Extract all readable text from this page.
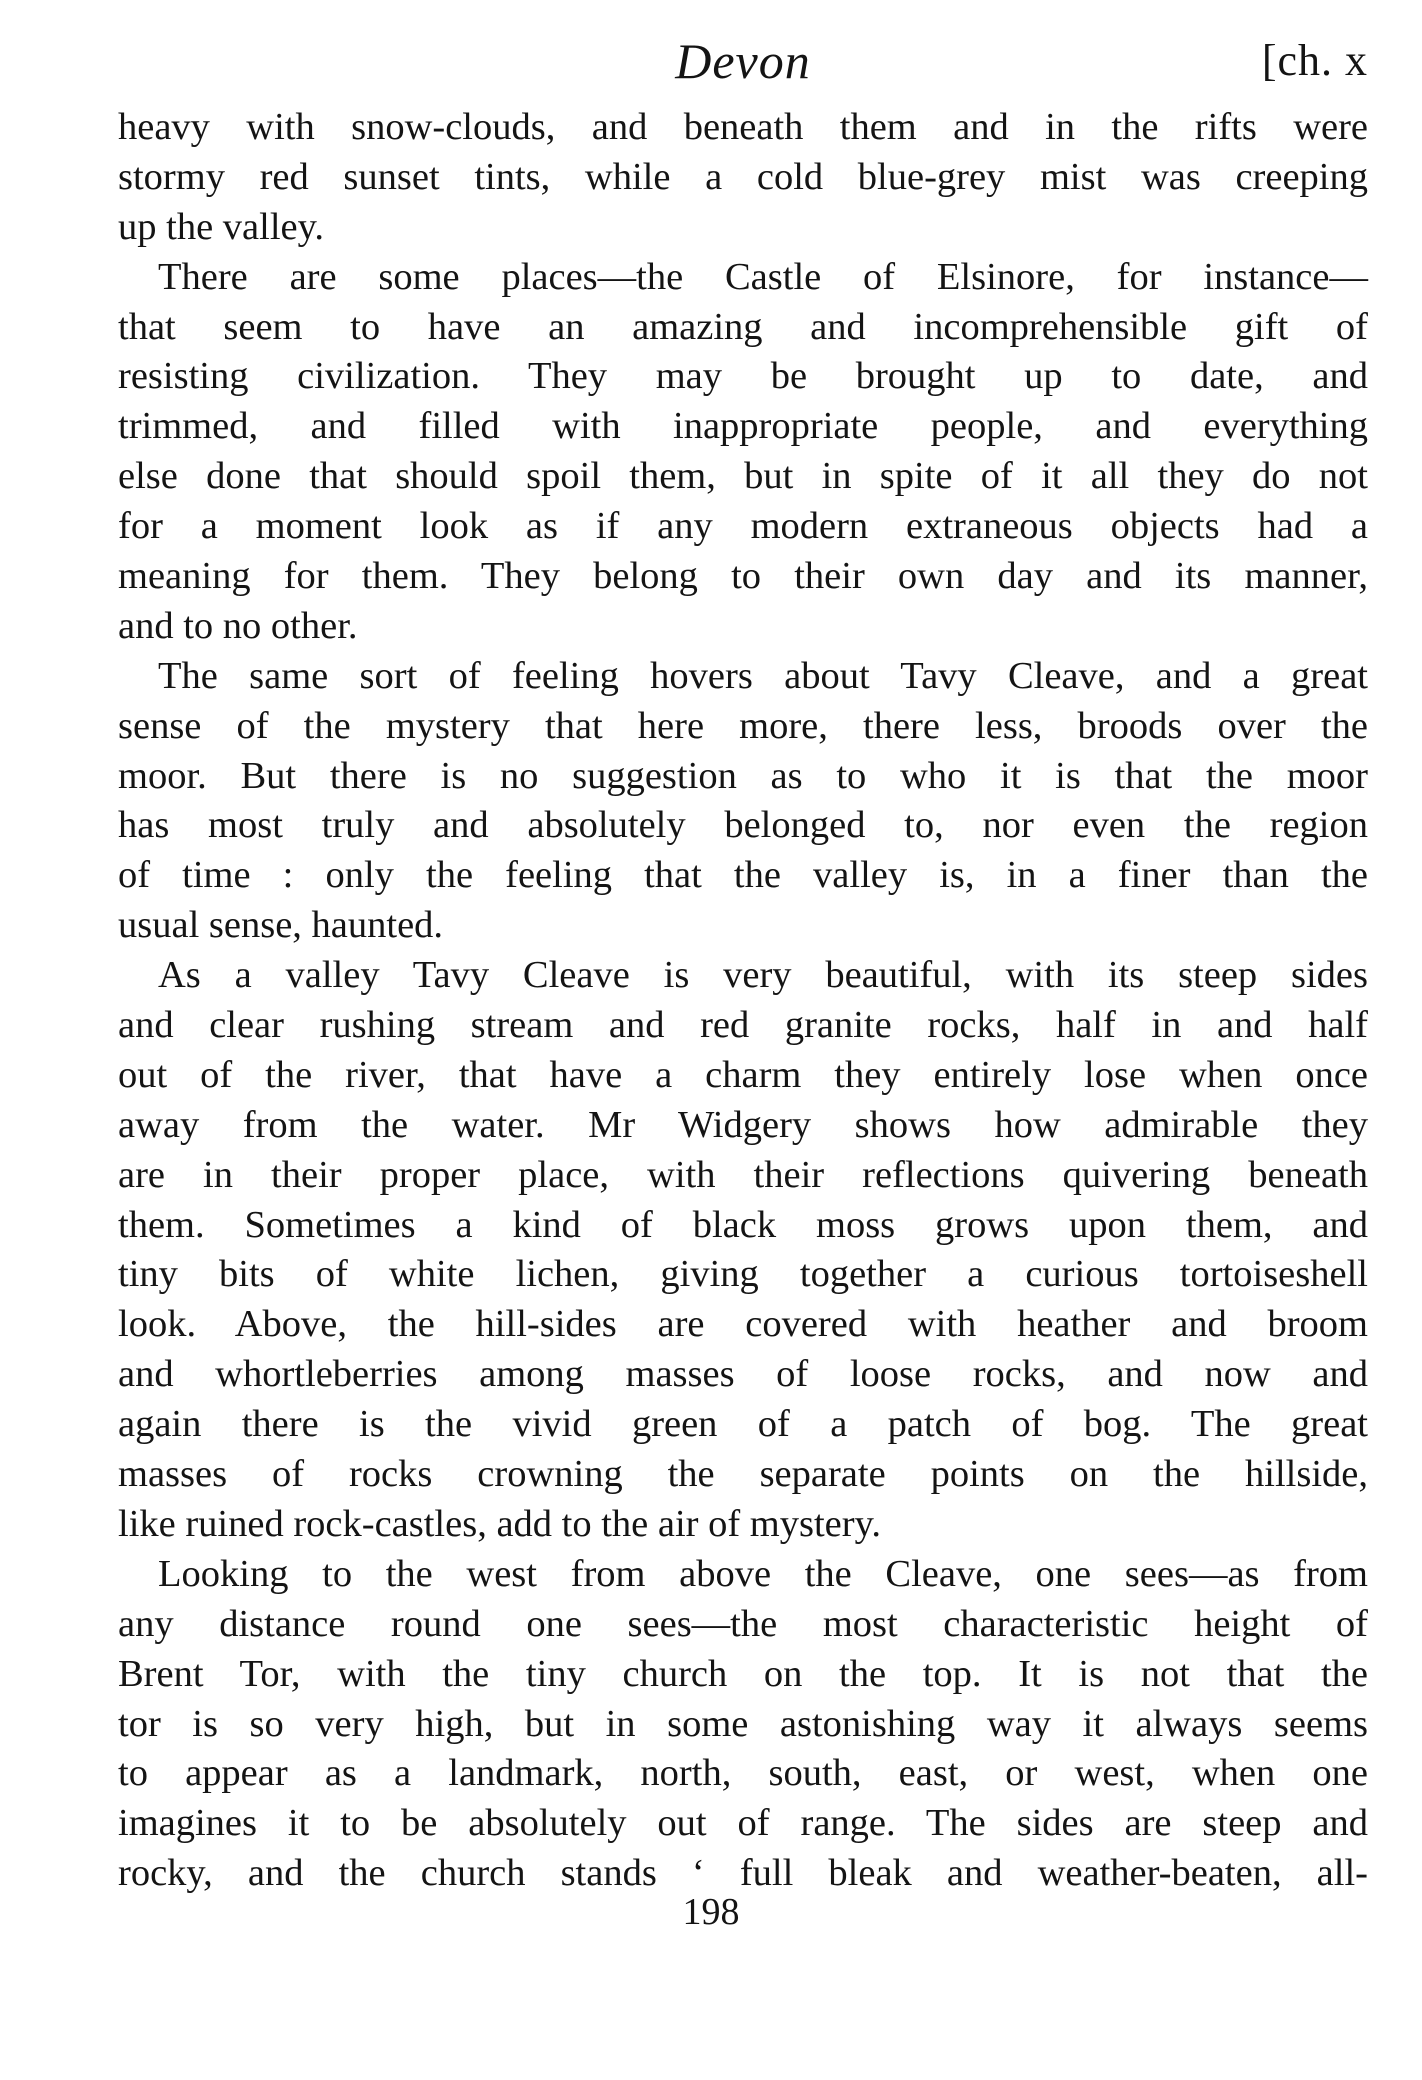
Devon	[ch. x
heavy with snow-clouds, and beneath them and in the rifts were
stormy red sunset tints, while a cold blue-grey mist was creeping
up the valley.
There are some places—the Castle of Elsinore, for instance—
that seem to have an amazing and incomprehensible gift of
resisting civilization. They may be brought up to date, and
trimmed, and filled with inappropriate people, and everything
else done that should spoil them, but in spite of it all they do not
for a moment look as if any modern extraneous objects had a
meaning for them. They belong to their own day and its manner,
and to no other.
The same sort of feeling hovers about Tavy Cleave, and a great
sense of the mystery that here more, there less, broods over the
moor. But there is no suggestion as to who it is that the moor
has most truly and absolutely belonged to, nor even the region
of time : only the feeling that the valley is, in a finer than the
usual sense, haunted.
As a valley Tavy Cleave is very beautiful, with its steep sides
and clear rushing stream and red granite rocks, half in and half
out of the river, that have a charm they entirely lose when once
away from the water. Mr Widgery shows how admirable they
are in their proper place, with their reflections quivering beneath
them. Sometimes a kind of black moss grows upon them, and
tiny bits of white lichen, giving together a curious tortoiseshell
look. Above, the hill-sides are covered with heather and broom
and whortleberries among masses of loose rocks, and now and
again there is the vivid green of a patch of bog. The great
masses of rocks crowning the separate points on the hillside,
like ruined rock-castles, add to the air of mystery.
Looking to the west from above the Cleave, one sees—as from
any distance round one sees—the most characteristic height of
Brent Tor, with the tiny church on the top. It is not that the
tor is so very high, but in some astonishing way it always seems
to appear as a landmark, north, south, east, or west, when one
imagines it to be absolutely out of range. The sides are steep and
rocky, and the church stands ‘ full bleak and weather-beaten, all-
198
